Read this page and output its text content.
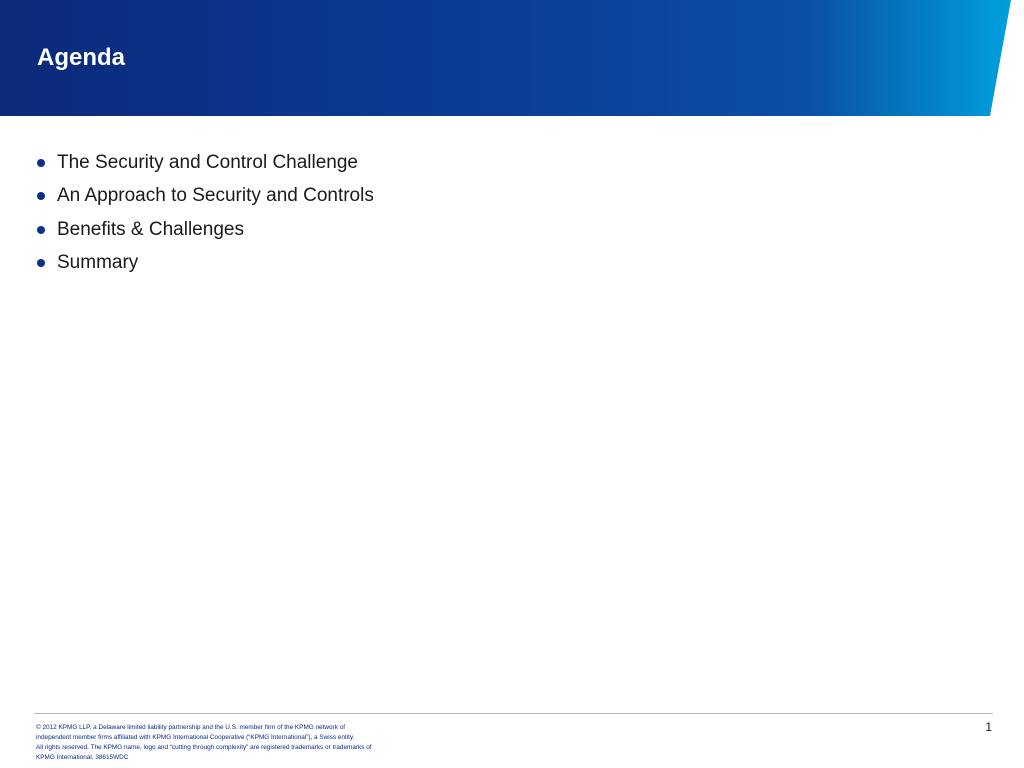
Agenda
The Security and Control Challenge
An Approach to Security and Controls
Benefits & Challenges
Summary
© 2012 KPMG LLP, a Delaware limited liability partnership and the U.S. member firm of the KPMG network of
independent member firms affiliated with KPMG International Cooperative (“KPMG International”), a Swiss entity.
All rights reserved. The KPMG name, logo and “cutting through complexity” are registered trademarks or trademarks of
KPMG International. 38615WDC
1
